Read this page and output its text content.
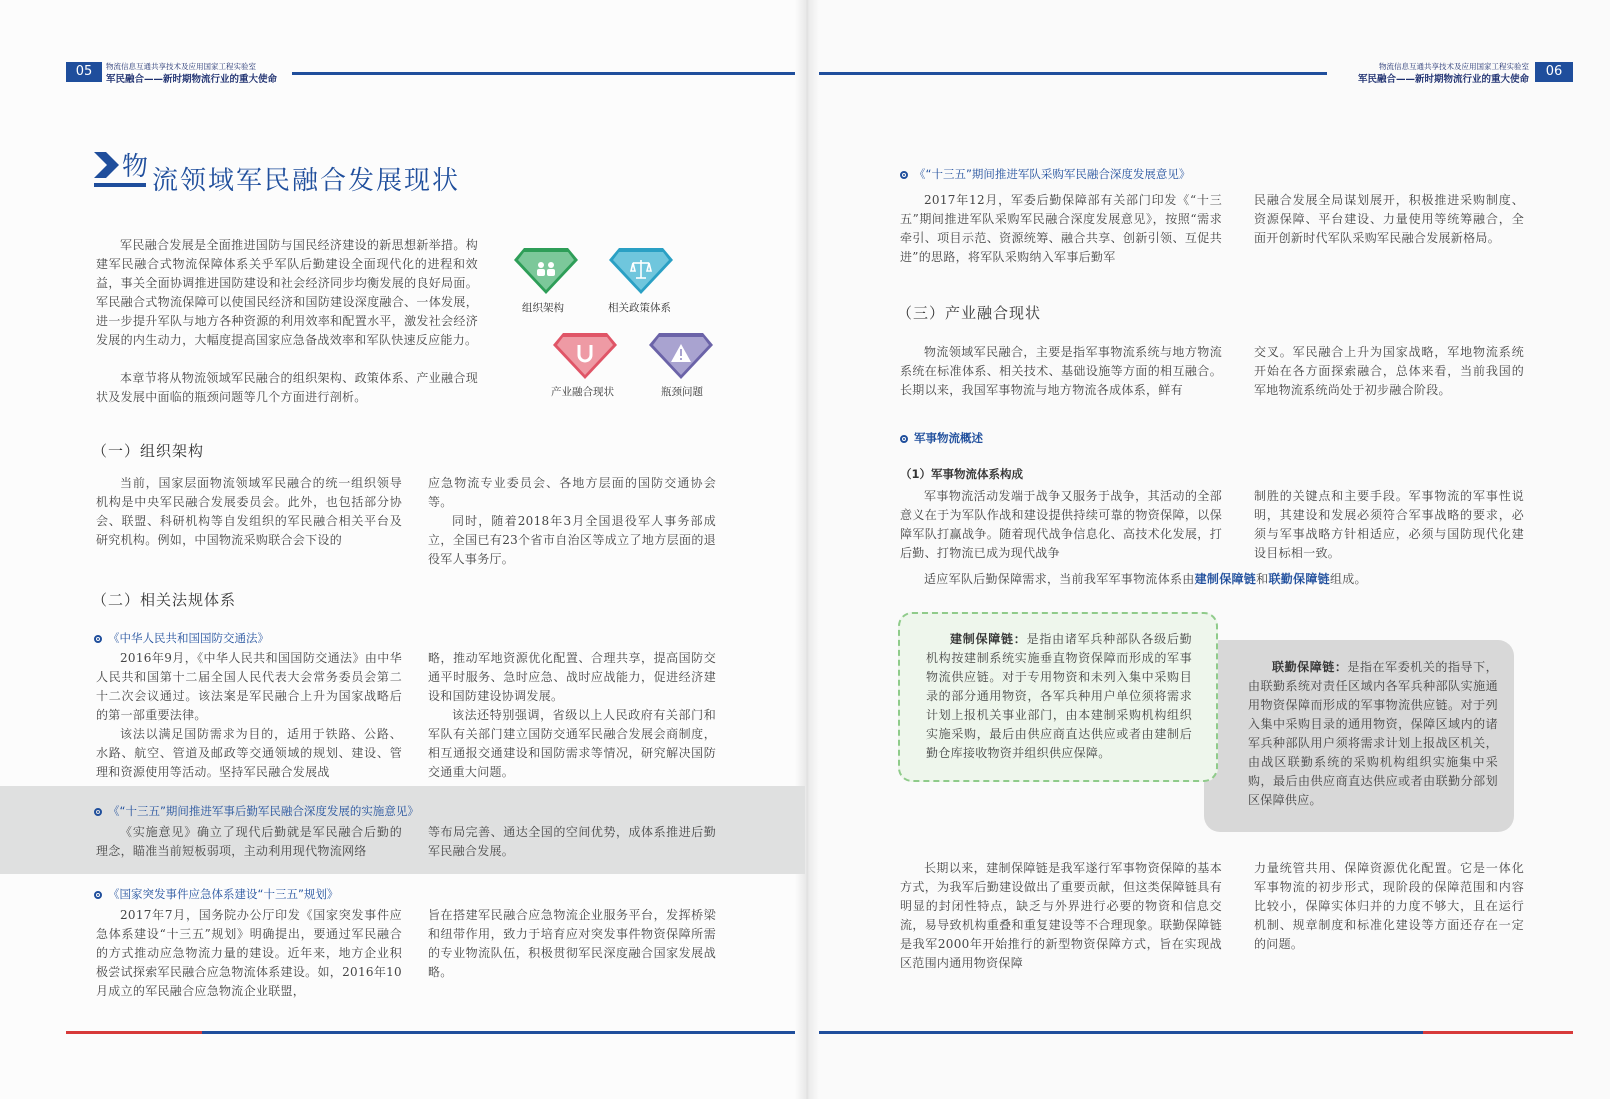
05	物流信息互通共享技术及应用国家工程实验室
军民融合——新时期物流行业的重大使命
物流信息互通共享技术及应用国家工程实验室
军民融合——新时期物流行业的重大使命
06
物 流领域军民融合发展现状
军民融合发展是全面推进国防与国民经济建设的新思想新举措。构建军民融合式物流保障体系关乎军队后勤建设全面现代化的进程和效益，事关全面协调推进国防建设和社会经济同步均衡发展的良好局面。军民融合式物流保障可以使国民经济和国防建设深度融合、一体发展，进一步提升军队与地方各种资源的利用效率和配置水平，激发社会经济发展的内生动力，大幅度提高国家应急备战效率和军队快速反应能力。
本章节将从物流领域军民融合的组织架构、政策体系、产业融合现状及发展中面临的瓶颈问题等几个方面进行剖析。
组织架构	相关政策体系
产业融合现状	瓶颈问题
（一）组织架构
当前，国家层面物流领域军民融合的统一组织领导机构是中央军民融合发展委员会。此外，也包括部分协会、联盟、科研机构等自发组织的军民融合相关平台及研究机构。例如，中国物流采购联合会下设的
应急物流专业委员会、各地方层面的国防交通协会等。
同时，随着2018年3月全国退役军人事务部成立，全国已有23个省市自治区等成立了地方层面的退役军人事务厅。
（二）相关法规体系
《中华人民共和国国防交通法》
2016年9月，《中华人民共和国国防交通法》由中华人民共和国第十二届全国人民代表大会常务委员会第二十二次会议通过。该法案是军民融合上升为国家战略后的第一部重要法律。
该法以满足国防需求为目的，适用于铁路、公路、水路、航空、管道及邮政等交通领域的规划、建设、管理和资源使用等活动。坚持军民融合发展战
略，推动军地资源优化配置、合理共享，提高国防交通平时服务、急时应急、战时应战能力，促进经济建设和国防建设协调发展。
该法还特别强调，省级以上人民政府有关部门和军队有关部门建立国防交通军民融合发展会商制度，相互通报交通建设和国防需求等情况，研究解决国防交通重大问题。
《“十三五”期间推进军事后勤军民融合深度发展的实施意见》
《实施意见》确立了现代后勤就是军民融合后勤的理念，瞄准当前短板弱项，主动利用现代物流网络
等布局完善、通达全国的空间优势，成体系推进后勤军民融合发展。
《国家突发事件应急体系建设“十三五”规划》
2017年7月，国务院办公厅印发《国家突发事件应急体系建设“十三五”规划》明确提出，要通过军民融合的方式推动应急物流力量的建设。近年来，地方企业积极尝试探索军民融合应急物流体系建设。如，2016年10月成立的军民融合应急物流企业联盟，
旨在搭建军民融合应急物流企业服务平台，发挥桥梁和纽带作用，致力于培育应对突发事件物资保障所需的专业物流队伍，积极贯彻军民深度融合国家发展战略。
《“十三五”期间推进军队采购军民融合深度发展意见》
2017年12月，军委后勤保障部有关部门印发《“十三五”期间推进军队采购军民融合深度发展意见》，按照“需求牵引、项目示范、资源统筹、融合共享、创新引领、互促共进”的思路，将军队采购纳入军事后勤军
民融合发展全局谋划展开，积极推进采购制度、资源保障、平台建设、力量使用等统筹融合，全面开创新时代军队采购军民融合发展新格局。
（三）产业融合现状
物流领域军民融合，主要是指军事物流系统与地方物流系统在标准体系、相关技术、基础设施等方面的相互融合。长期以来，我国军事物流与地方物流各成体系，鲜有
交叉。军民融合上升为国家战略，军地物流系统开始在各方面探索融合，总体来看，当前我国的军地物流系统尚处于初步融合阶段。
军事物流概述
（1）军事物流体系构成
军事物流活动发端于战争又服务于战争，其活动的全部意义在于为军队作战和建设提供持续可靠的物资保障，以保障军队打赢战争。随着现代战争信息化、高技术化发展，打后勤、打物流已成为现代战争
制胜的关键点和主要手段。军事物流的军事性说明，其建设和发展必须符合军事战略的要求，必须与军事战略方针相适应，必须与国防现代化建设目标相一致。
适应军队后勤保障需求，当前我军军事物流体系由建制保障链和联勤保障链组成。
联勤保障链：是指在军委机关的指导下，由联勤系统对责任区域内各军兵种部队实施通用物资保障而形成的军事物流供应链。对于列入集中采购目录的通用物资，保障区域内的诸军兵种部队用户须将需求计划上报战区机关，由战区联勤系统的采购机构组织实施集中采购，最后由供应商直达供应或者由联勤分部划区保障供应。
建制保障链：是指由诸军兵种部队各级后勤机构按建制系统实施垂直物资保障而形成的军事物流供应链。对于专用物资和未列入集中采购目录的部分通用物资，各军兵种用户单位须将需求计划上报机关事业部门，由本建制采购机构组织实施采购，最后由供应商直达供应或者由建制后勤仓库接收物资并组织供应保障。
长期以来，建制保障链是我军遂行军事物资保障的基本方式，为我军后勤建设做出了重要贡献，但这类保障链具有明显的封闭性特点，缺乏与外界进行必要的物资和信息交流，易导致机构重叠和重复建设等不合理现象。联勤保障链是我军2000年开始推行的新型物资保障方式，旨在实现战区范围内通用物资保障
力量统管共用、保障资源优化配置。它是一体化军事物流的初步形式，现阶段的保障范围和内容比较小，保障实体归并的力度不够大，且在运行机制、规章制度和标准化建设等方面还存在一定的问题。
